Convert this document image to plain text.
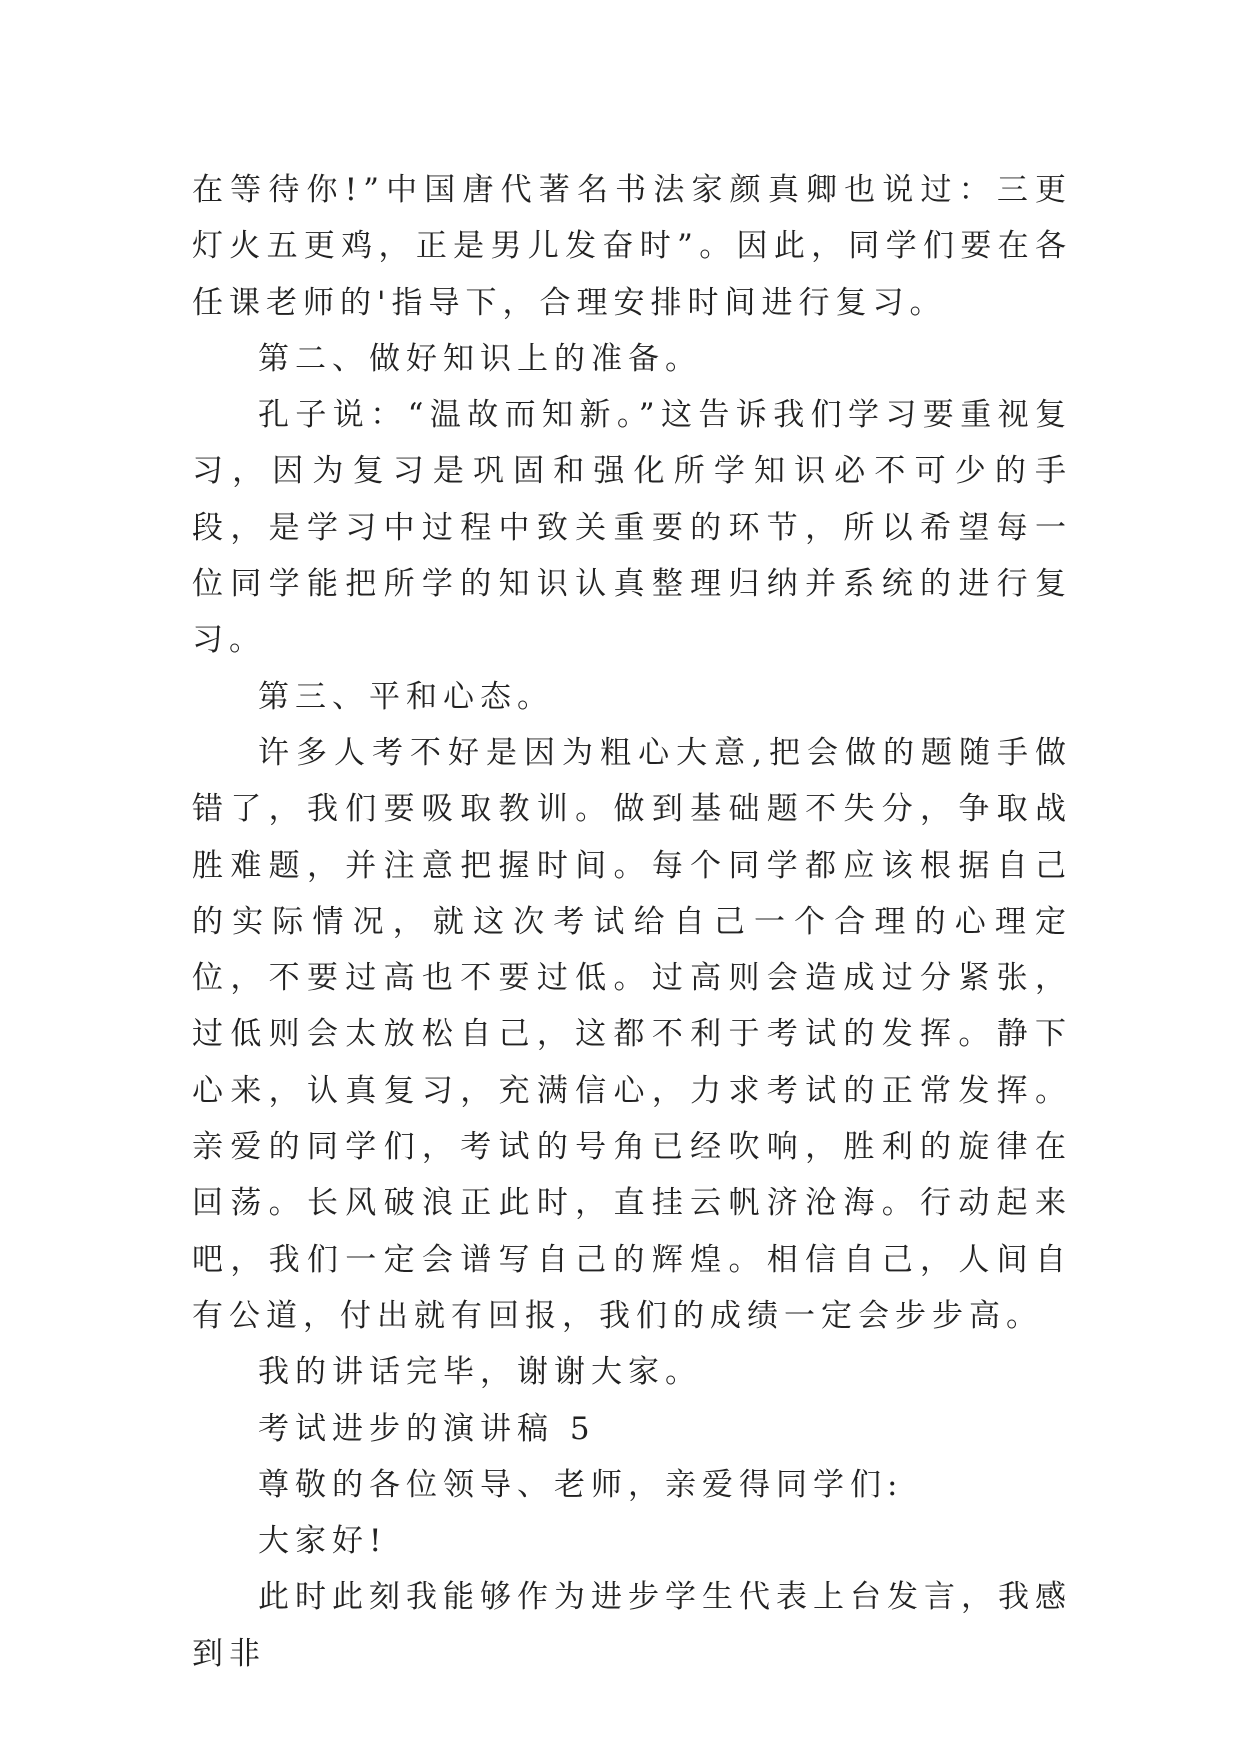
在等待你!”中国唐代著名书法家颜真卿也说过：三更灯火五更鸡，正是男儿发奋时”。因此，同学们要在各任课老师的'指导下，合理安排时间进行复习。

第二、做好知识上的准备。

孔子说：“温故而知新。”这告诉我们学习要重视复习，因为复习是巩固和强化所学知识必不可少的手段，是学习中过程中致关重要的环节，所以希望每一位同学能把所学的知识认真整理归纳并系统的进行复习。

第三、平和心态。

许多人考不好是因为粗心大意,把会做的题随手做错了，我们要吸取教训。做到基础题不失分，争取战胜难题，并注意把握时间。每个同学都应该根据自己的实际情况，就这次考试给自己一个合理的心理定位，不要过高也不要过低。过高则会造成过分紧张，过低则会太放松自己，这都不利于考试的发挥。静下心来，认真复习，充满信心，力求考试的正常发挥。 亲爱的同学们，考试的号角已经吹响，胜利的旋律在回荡。长风破浪正此时，直挂云帆济沧海。行动起来吧，我们一定会谱写自己的辉煌。相信自己，人间自有公道，付出就有回报，我们的成绩一定会步步高。

我的讲话完毕，谢谢大家。

考试进步的演讲稿 5

尊敬的各位领导、老师，亲爱得同学们:

大家好!

此时此刻我能够作为进步学生代表上台发言，我感到非
